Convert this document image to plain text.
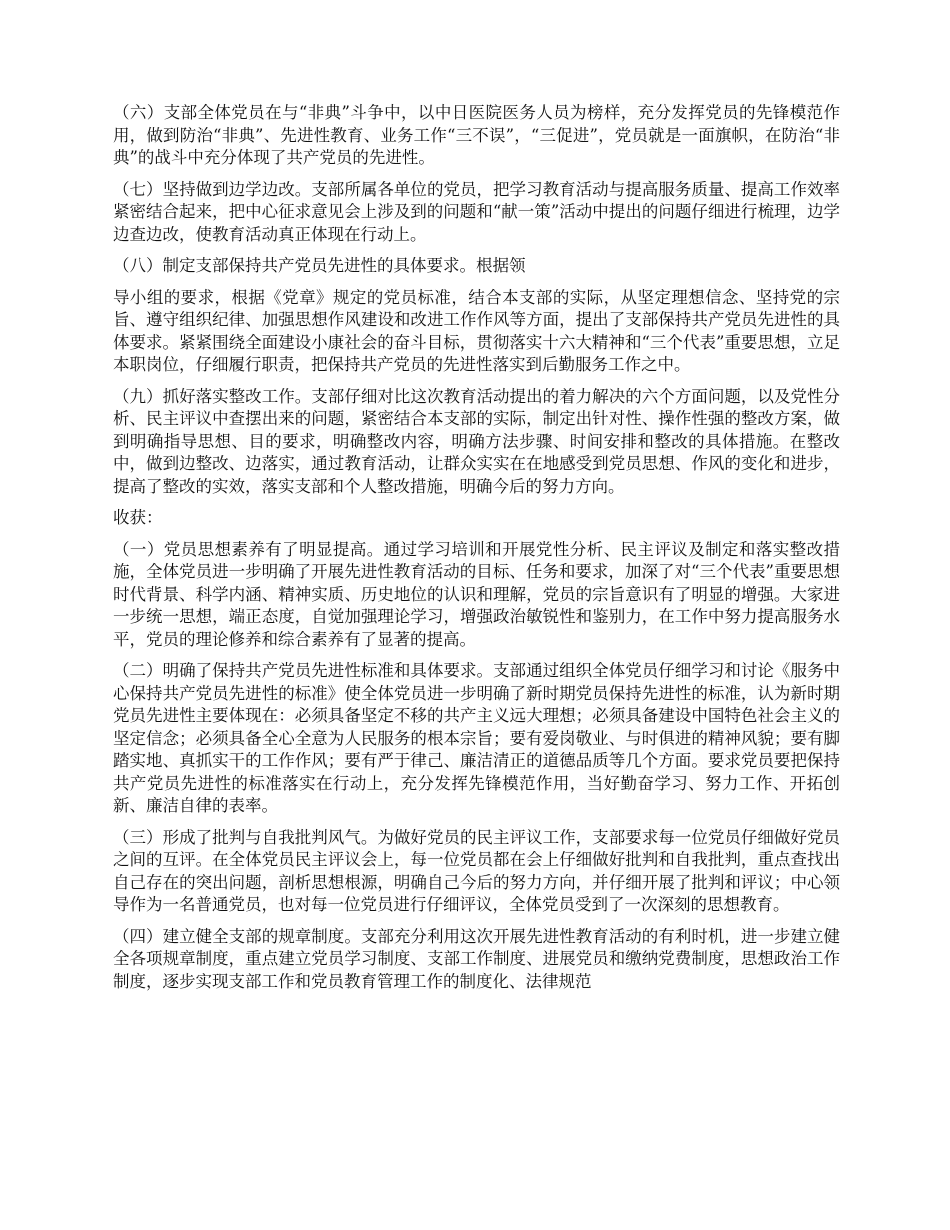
（六）支部全体党员在与“非典”斗争中，以中日医院医务人员为榜样，充分发挥党员的先锋模范作用，做到防治“非典”、先进性教育、业务工作“三不误”，“三促进”，党员就是一面旗帜，在防治“非典”的战斗中充分体现了共产党员的先进性。

（七）坚持做到边学边改。支部所属各单位的党员，把学习教育活动与提高服务质量、提高工作效率紧密结合起来，把中心征求意见会上涉及到的问题和“献一策”活动中提出的问题仔细进行梳理，边学边查边改，使教育活动真正体现在行动上。

（八）制定支部保持共产党员先进性的具体要求。根据领

导小组的要求，根据《党章》规定的党员标准，结合本支部的实际，从坚定理想信念、坚持党的宗旨、遵守组织纪律、加强思想作风建设和改进工作作风等方面，提出了支部保持共产党员先进性的具体要求。紧紧围绕全面建设小康社会的奋斗目标，贯彻落实十六大精神和“三个代表”重要思想，立足本职岗位，仔细履行职责，把保持共产党员的先进性落实到后勤服务工作之中。

（九）抓好落实整改工作。支部仔细对比这次教育活动提出的着力解决的六个方面问题，以及党性分析、民主评议中查摆出来的问题，紧密结合本支部的实际，制定出针对性、操作性强的整改方案，做到明确指导思想、目的要求，明确整改内容，明确方法步骤、时间安排和整改的具体措施。在整改中，做到边整改、边落实，通过教育活动，让群众实实在在地感受到党员思想、作风的变化和进步，提高了整改的实效，落实支部和个人整改措施，明确今后的努力方向。

收获：

（一）党员思想素养有了明显提高。通过学习培训和开展党性分析、民主评议及制定和落实整改措施，全体党员进一步明确了开展先进性教育活动的目标、任务和要求，加深了对“三个代表”重要思想时代背景、科学内涵、精神实质、历史地位的认识和理解，党员的宗旨意识有了明显的增强。大家进一步统一思想，端正态度，自觉加强理论学习，增强政治敏锐性和鉴别力，在工作中努力提高服务水平，党员的理论修养和综合素养有了显著的提高。

（二）明确了保持共产党员先进性标准和具体要求。支部通过组织全体党员仔细学习和讨论《服务中心保持共产党员先进性的标准》使全体党员进一步明确了新时期党员保持先进性的标准，认为新时期党员先进性主要体现在：必须具备坚定不移的共产主义远大理想；必须具备建设中国特色社会主义的坚定信念；必须具备全心全意为人民服务的根本宗旨；要有爱岗敬业、与时俱进的精神风貌；要有脚踏实地、真抓实干的工作作风；要有严于律己、廉洁清正的道德品质等几个方面。要求党员要把保持共产党员先进性的标准落实在行动上，充分发挥先锋模范作用，当好勤奋学习、努力工作、开拓创新、廉洁自律的表率。

（三）形成了批判与自我批判风气。为做好党员的民主评议工作，支部要求每一位党员仔细做好党员之间的互评。在全体党员民主评议会上，每一位党员都在会上仔细做好批判和自我批判，重点查找出自己存在的突出问题，剖析思想根源，明确自己今后的努力方向，并仔细开展了批判和评议；中心领导作为一名普通党员，也对每一位党员进行仔细评议，全体党员受到了一次深刻的思想教育。

（四）建立健全支部的规章制度。支部充分利用这次开展先进性教育活动的有利时机，进一步建立健全各项规章制度，重点建立党员学习制度、支部工作制度、进展党员和缴纳党费制度，思想政治工作制度，逐步实现支部工作和党员教育管理工作的制度化、法律规范
